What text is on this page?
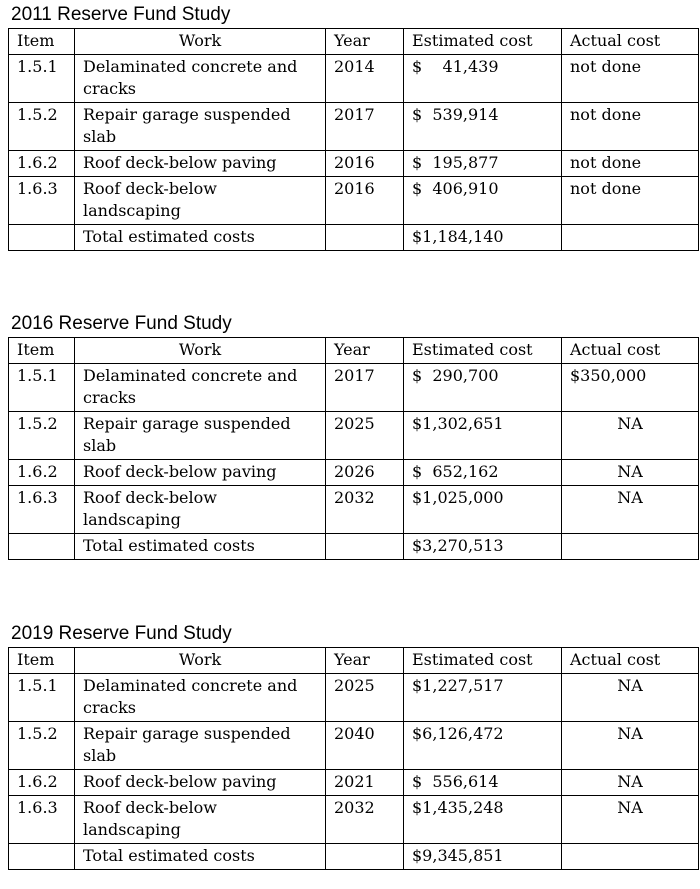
2011 Reserve Fund Study
Item	Work	Year	Estimated cost	Actual cost
1.5.1	Delaminated concrete and cracks	2014	$    41,439	not done
1.5.2	Repair garage suspended slab	2017	$  539,914	not done
1.6.2	Roof deck-below paving	2016	$  195,877	not done
1.6.3	Roof deck-below landscaping	2016	$  406,910	not done
	Total estimated costs		$1,184,140	
2016 Reserve Fund Study
Item	Work	Year	Estimated cost	Actual cost
1.5.1	Delaminated concrete and cracks	2017	$  290,700	$350,000
1.5.2	Repair garage suspended slab	2025	$1,302,651	NA
1.6.2	Roof deck-below paving	2026	$  652,162	NA
1.6.3	Roof deck-below landscaping	2032	$1,025,000	NA
	Total estimated costs		$3,270,513	
2019 Reserve Fund Study
Item	Work	Year	Estimated cost	Actual cost
1.5.1	Delaminated concrete and cracks	2025	$1,227,517	NA
1.5.2	Repair garage suspended slab	2040	$6,126,472	NA
1.6.2	Roof deck-below paving	2021	$  556,614	NA
1.6.3	Roof deck-below landscaping	2032	$1,435,248	NA
	Total estimated costs		$9,345,851	
